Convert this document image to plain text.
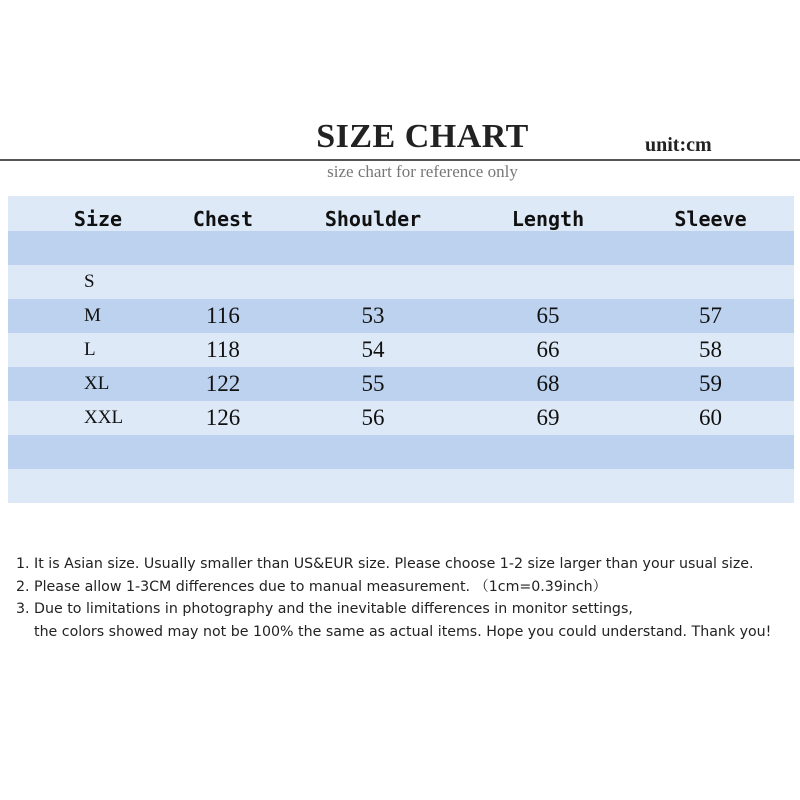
SIZE CHART	unit:cm
size chart for reference only
Size	Chest	Shoulder	Length	Sleeve
S
M	116	53	65	57
L	118	54	66	58
XL	122	55	68	59
XXL	126	56	69	60
1. It is Asian size. Usually smaller than US&EUR size. Please choose 1-2 size larger than your usual size.
2. Please allow 1-3CM differences due to manual measurement. （1cm=0.39inch）
3. Due to limitations in photography and the inevitable differences in monitor settings,
the colors showed may not be 100% the same as actual items. Hope you could understand. Thank you!
